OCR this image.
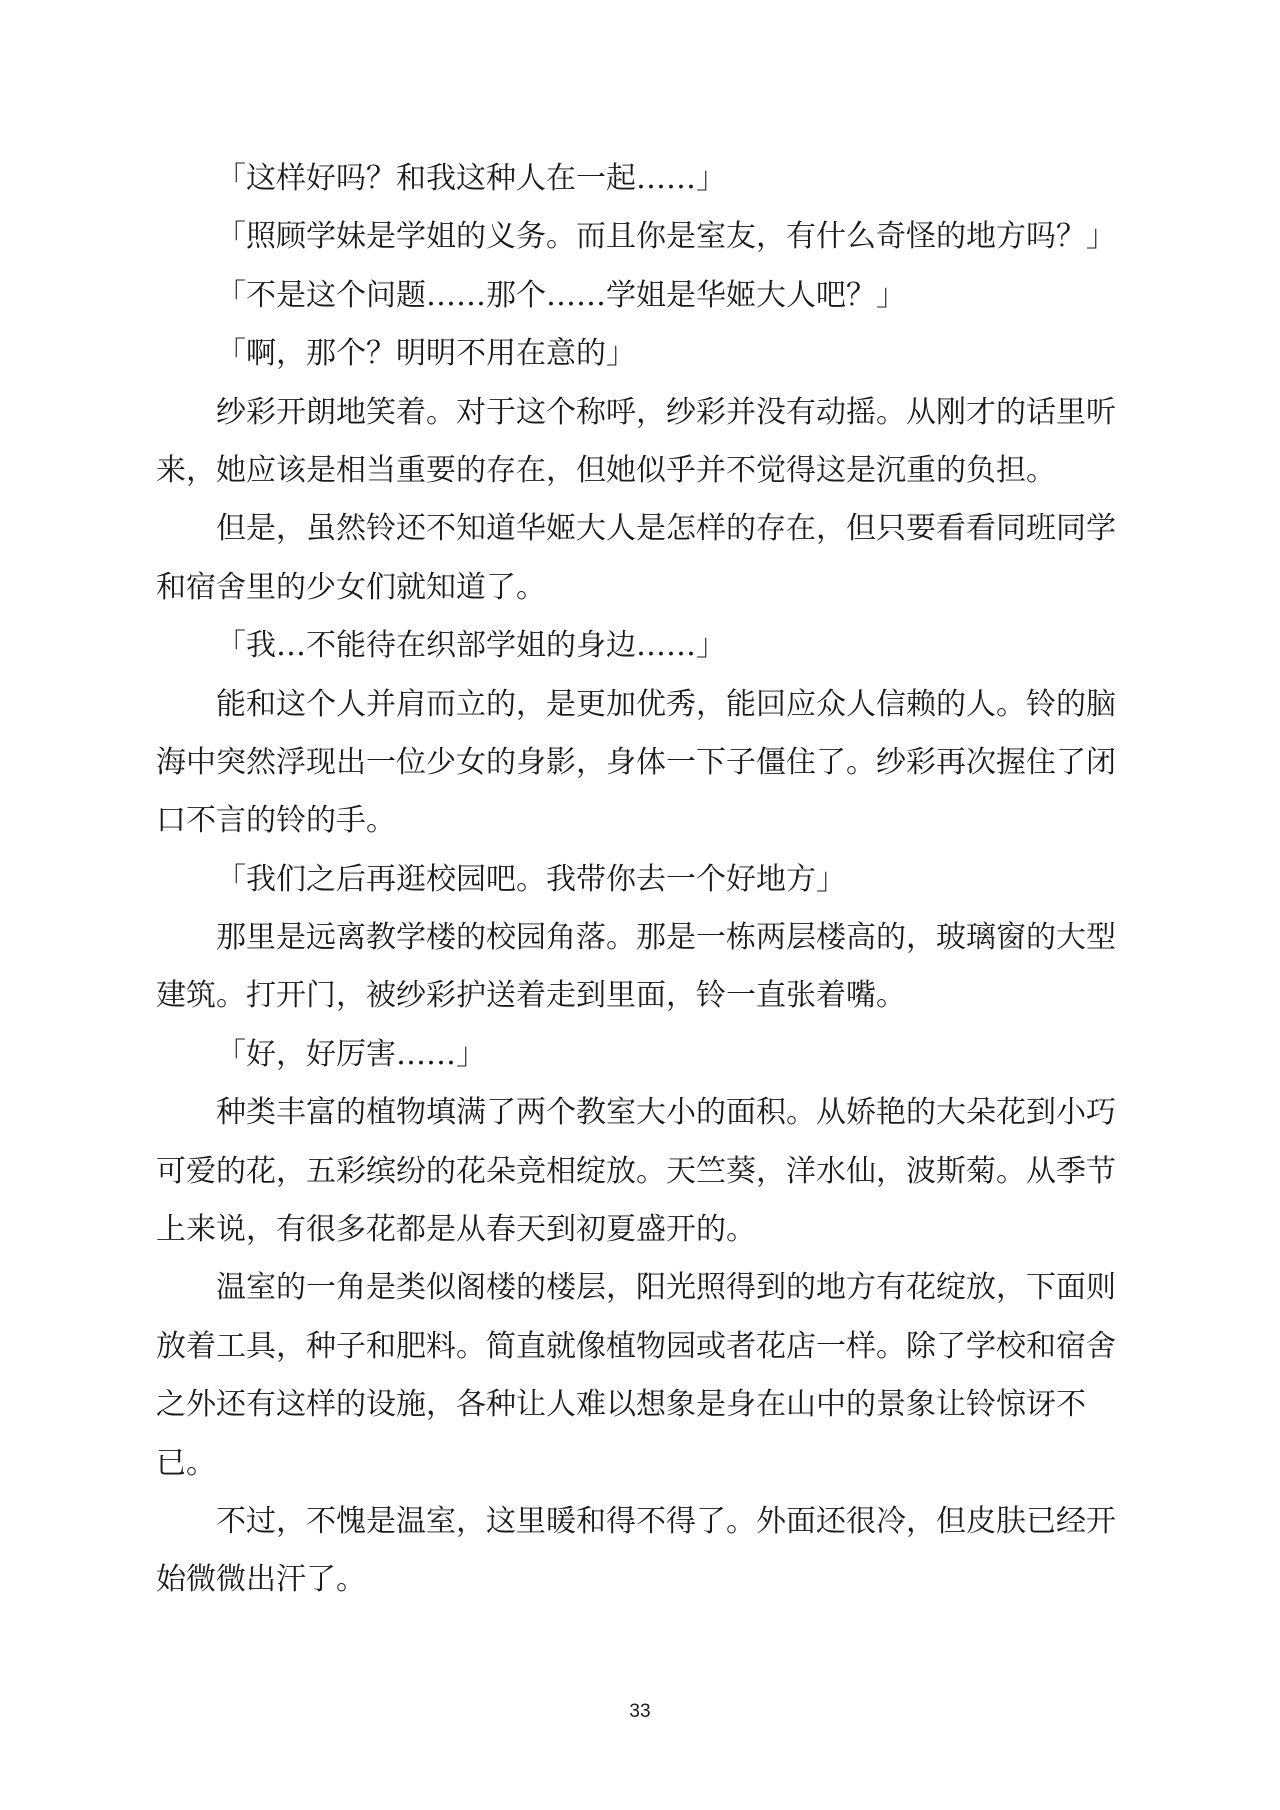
「这样好吗？和我这种人在一起……」
「照顾学妹是学姐的义务。而且你是室友，有什么奇怪的地方吗？」
「不是这个问题……那个……学姐是华姬大人吧？」
「啊，那个？明明不用在意的」
纱彩开朗地笑着。对于这个称呼，纱彩并没有动摇。从刚才的话里听
来，她应该是相当重要的存在，但她似乎并不觉得这是沉重的负担。
但是，虽然铃还不知道华姬大人是怎样的存在，但只要看看同班同学
和宿舍里的少女们就知道了。
「我…不能待在织部学姐的身边……」
能和这个人并肩而立的，是更加优秀，能回应众人信赖的人。铃的脑
海中突然浮现出一位少女的身影，身体一下子僵住了。纱彩再次握住了闭
口不言的铃的手。
「我们之后再逛校园吧。我带你去一个好地方」
那里是远离教学楼的校园角落。那是一栋两层楼高的，玻璃窗的大型
建筑。打开门，被纱彩护送着走到里面，铃一直张着嘴。
「好，好厉害……」
种类丰富的植物填满了两个教室大小的面积。从娇艳的大朵花到小巧
可爱的花，五彩缤纷的花朵竞相绽放。天竺葵，洋水仙，波斯菊。从季节
上来说，有很多花都是从春天到初夏盛开的。
温室的一角是类似阁楼的楼层，阳光照得到的地方有花绽放，下面则
放着工具，种子和肥料。简直就像植物园或者花店一样。除了学校和宿舍
之外还有这样的设施，各种让人难以想象是身在山中的景象让铃惊讶不
已。
不过，不愧是温室，这里暖和得不得了。外面还很冷，但皮肤已经开
始微微出汗了。
33
